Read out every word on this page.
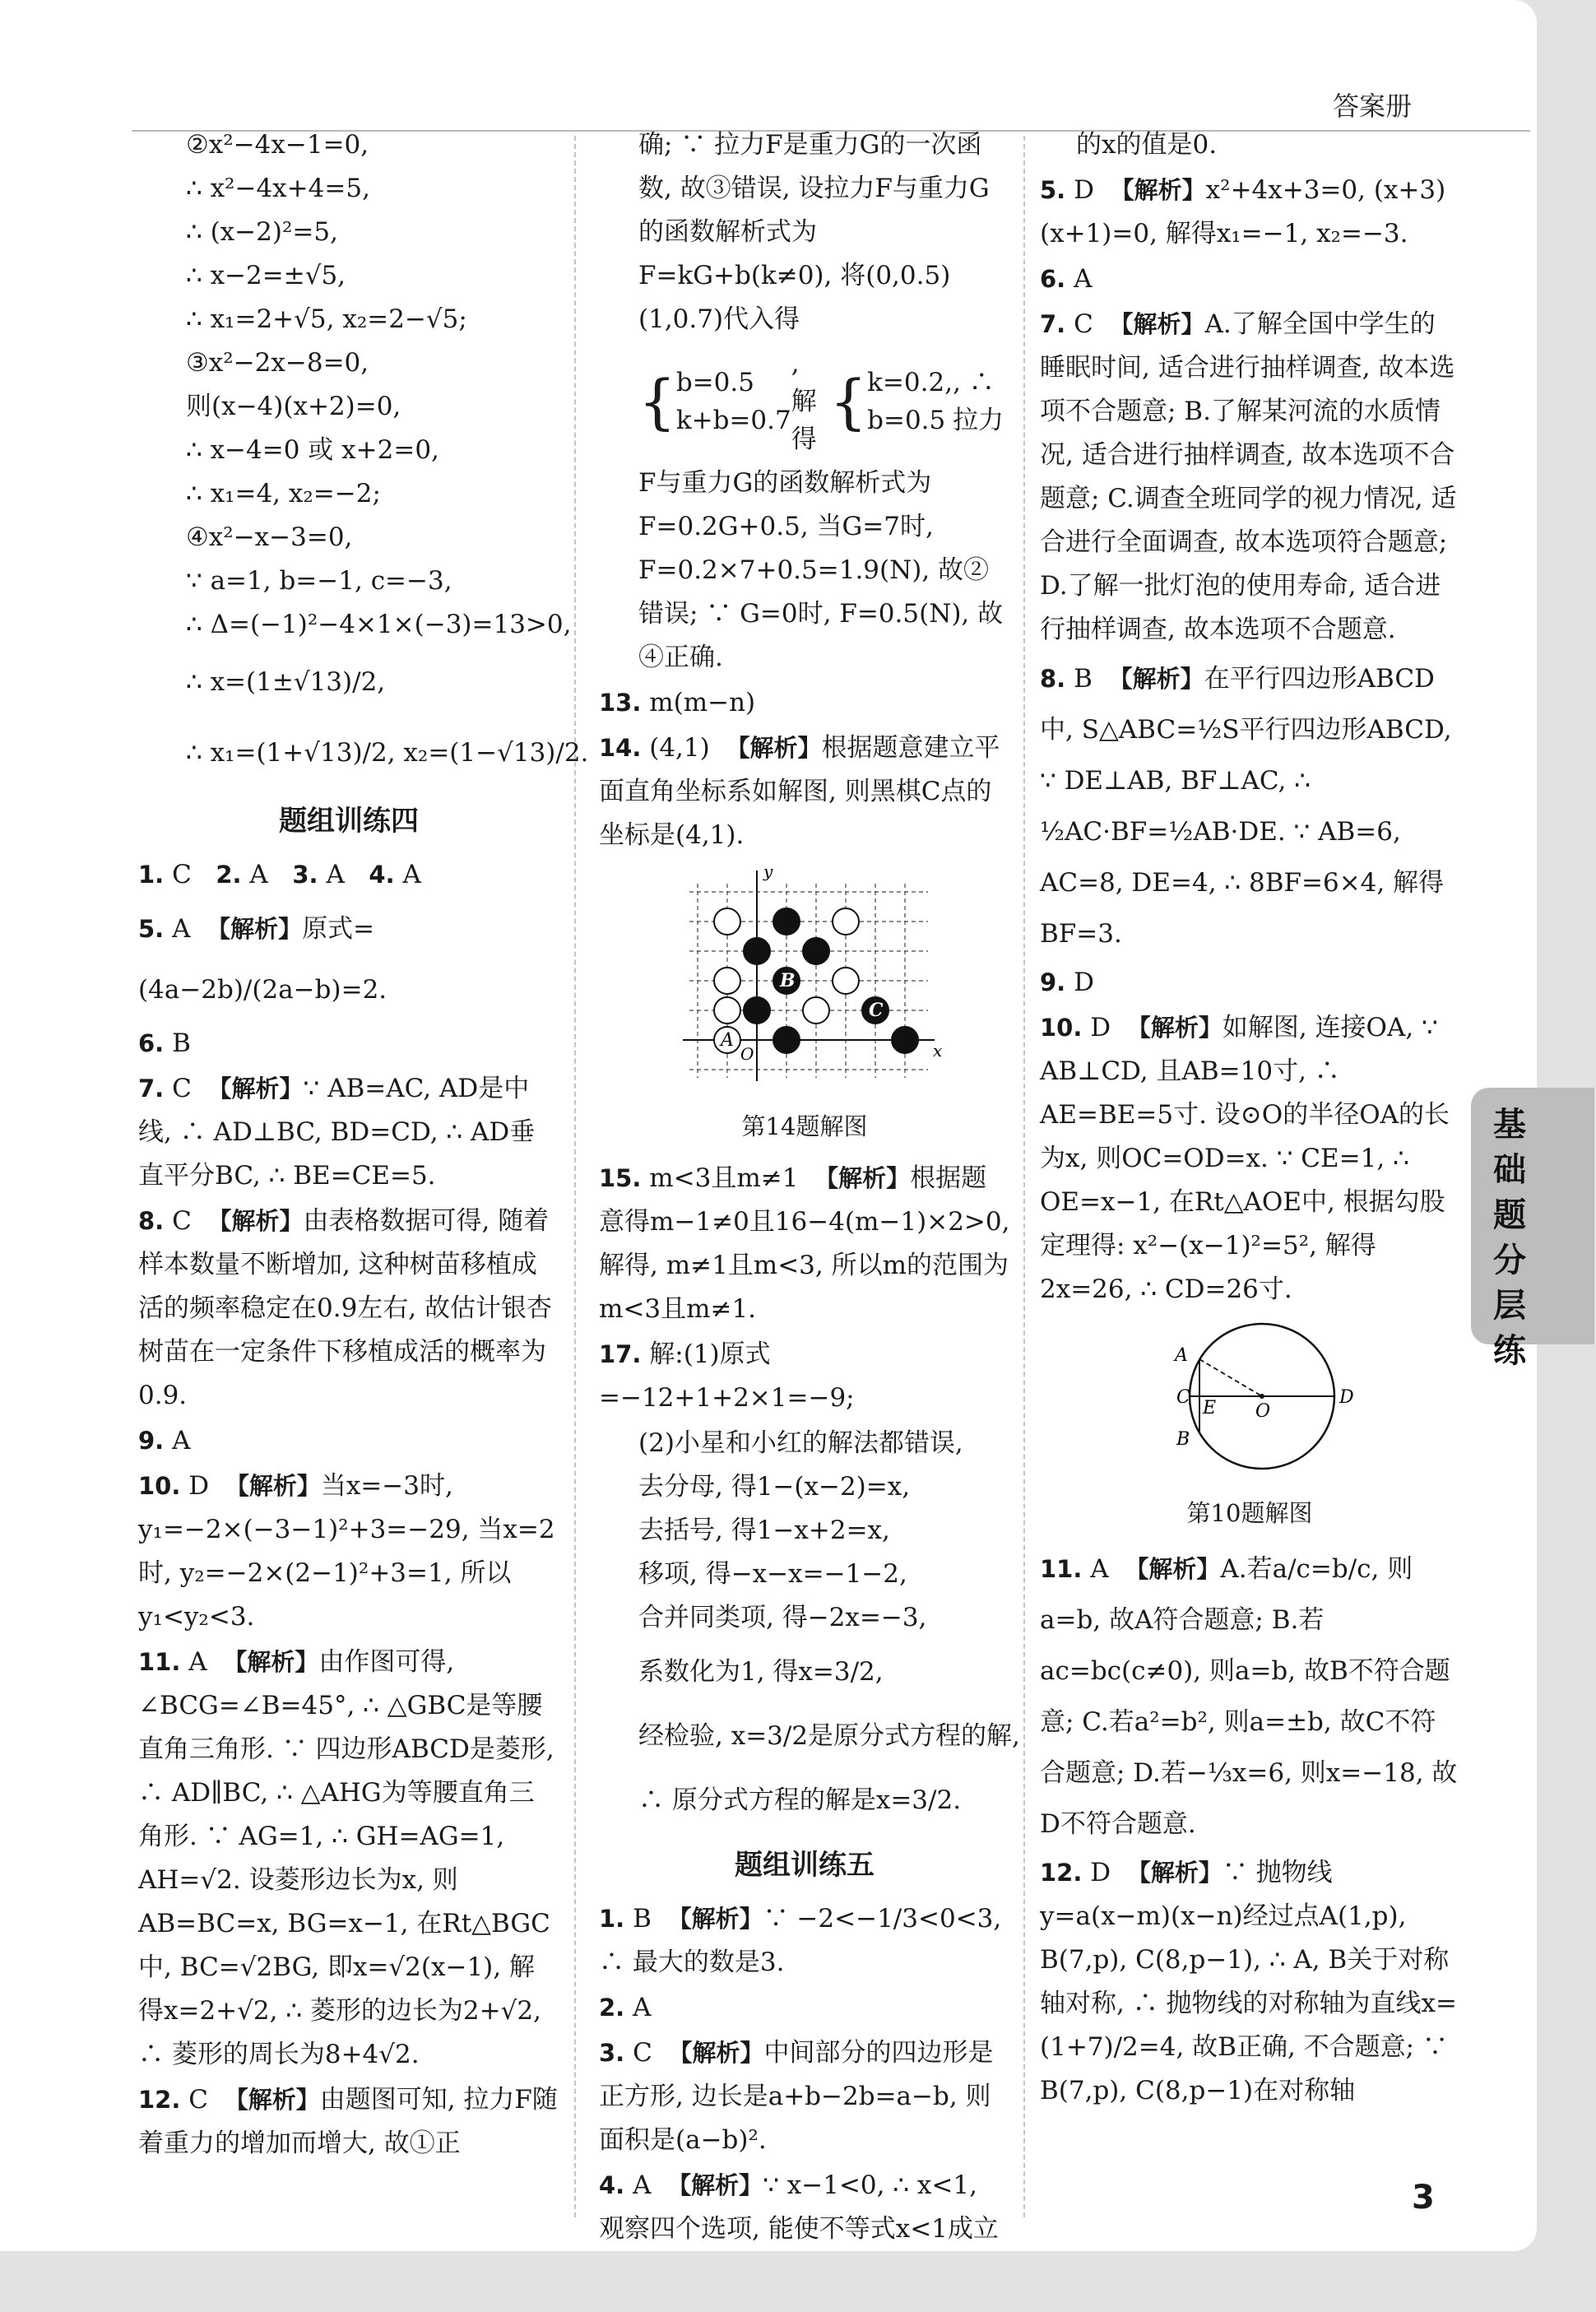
答案册
②x²−4x−1=0,
∴ x²−4x+4=5,
∴ (x−2)²=5,
∴ x−2=±√5,
∴ x₁=2+√5, x₂=2−√5;
③x²−2x−8=0,
则(x−4)(x+2)=0,
∴ x−4=0 或 x+2=0,
∴ x₁=4, x₂=−2;
④x²−x−3=0,
∵ a=1, b=−1, c=−3,
∴ Δ=(−1)²−4×1×(−3)=13>0,
∴ x=(1±√13)/2,
∴ x₁=(1+√13)/2, x₂=(1−√13)/2.
题组训练四
1. C 2. A 3. A 4. A
5. A 【解析】原式=(4a−2b)/(2a−b)=2.
6. B
7. C 【解析】∵ AB=AC, AD是中线, ∴ AD⊥BC, BD=CD, ∴ AD垂直平分BC, ∴ BE=CE=5.
8. C 【解析】由表格数据可得, 随着样本数量不断增加, 这种树苗移植成活的频率稳定在0.9左右, 故估计银杏树苗在一定条件下移植成活的概率为0.9.
9. A
10. D 【解析】当x=−3时, y₁=−2×(−3−1)²+3=−29, 当x=2时, y₂=−2×(2−1)²+3=1, 所以y₁<y₂<3.
11. A 【解析】由作图可得, ∠BCG=∠B=45°, ∴ △GBC是等腰直角三角形. ∵ 四边形ABCD是菱形, ∴ AD∥BC, ∴ △AHG为等腰直角三角形. ∵ AG=1, ∴ GH=AG=1, AH=√2. 设菱形边长为x, 则AB=BC=x, BG=x−1, 在Rt△BGC中, BC=√2BG, 即x=√2(x−1), 解得x=2+√2, ∴ 菱形的边长为2+√2, ∴ 菱形的周长为8+4√2.
12. C 【解析】由题图可知, 拉力F随着重力的增加而增大, 故①正
确; ∵ 拉力F是重力G的一次函数, 故③错误, 设拉力F与重力G的函数解析式为F=kG+b(k≠0), 将(0,0.5)(1,0.7)代入得
{ b=0.5
k+b=0.7
, 解得
{ k=0.2,
b=0.5
, ∴ 拉力
F与重力G的函数解析式为F=0.2G+0.5, 当G=7时, F=0.2×7+0.5=1.9(N), 故②错误; ∵ G=0时, F=0.5(N), 故④正确.
13. m(m−n)
14. (4,1) 【解析】根据题意建立平面直角坐标系如解图, 则黑棋C点的坐标是(4,1).
y
x
O
B
C
A
第14题解图
15. m<3且m≠1 【解析】根据题意得m−1≠0且16−4(m−1)×2>0, 解得, m≠1且m<3, 所以m的范围为m<3且m≠1.
17. 解:(1)原式=−12+1+2×1=−9;
(2)小星和小红的解法都错误,
去分母, 得1−(x−2)=x,
去括号, 得1−x+2=x,
移项, 得−x−x=−1−2,
合并同类项, 得−2x=−3,
系数化为1, 得x=3/2,
经检验, x=3/2是原分式方程的解,
∴ 原分式方程的解是x=3/2.
题组训练五
1. B 【解析】∵ −2<−1/3<0<3, ∴ 最大的数是3.
2. A
3. C 【解析】中间部分的四边形是正方形, 边长是a+b−2b=a−b, 则面积是(a−b)².
4. A 【解析】∵ x−1<0, ∴ x<1, 观察四个选项, 能使不等式x<1成立
的x的值是0.
5. D 【解析】x²+4x+3=0, (x+3)(x+1)=0, 解得x₁=−1, x₂=−3.
6. A
7. C 【解析】A.了解全国中学生的睡眠时间, 适合进行抽样调查, 故本选项不合题意; B.了解某河流的水质情况, 适合进行抽样调查, 故本选项不合题意; C.调查全班同学的视力情况, 适合进行全面调查, 故本选项符合题意; D.了解一批灯泡的使用寿命, 适合进行抽样调查, 故本选项不合题意.
8. B 【解析】在平行四边形ABCD中, S△ABC=½S平行四边形ABCD, ∵ DE⊥AB, BF⊥AC, ∴ ½AC·BF=½AB·DE. ∵ AB=6, AC=8, DE=4, ∴ 8BF=6×4, 解得BF=3.
9. D
10. D 【解析】如解图, 连接OA, ∵ AB⊥CD, 且AB=10寸, ∴ AE=BE=5寸. 设⊙O的半径OA的长为x, 则OC=OD=x. ∵ CE=1, ∴ OE=x−1, 在Rt△AOE中, 根据勾股定理得: x²−(x−1)²=5², 解得2x=26, ∴ CD=26寸.
A
C
B
E O
D
第10题解图
11. A 【解析】A.若a/c=b/c, 则a=b, 故A符合题意; B.若ac=bc(c≠0), 则a=b, 故B不符合题意; C.若a²=b², 则a=±b, 故C不符合题意; D.若−⅓x=6, 则x=−18, 故D不符合题意.
12. D 【解析】∵ 抛物线y=a(x−m)(x−n)经过点A(1,p), B(7,p), C(8,p−1), ∴ A, B关于对称轴对称, ∴ 抛物线的对称轴为直线x=(1+7)/2=4, 故B正确, 不合题意; ∵ B(7,p), C(8,p−1)在对称轴
基础题分层练
3
